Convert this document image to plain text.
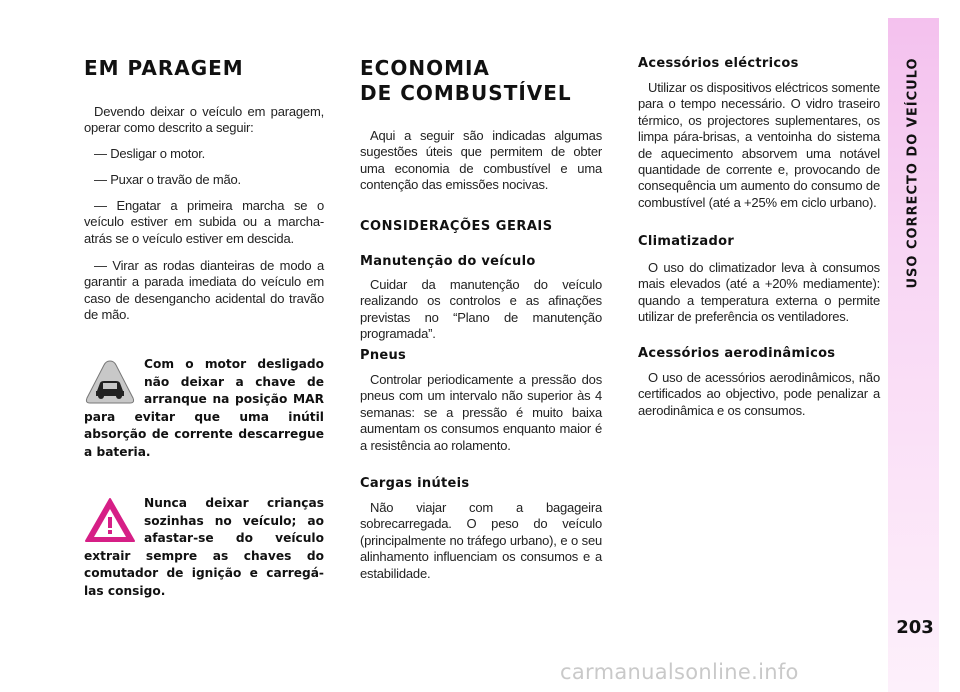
EM PARAGEM
Devendo deixar o veículo em paragem, operar como descrito a seguir:
— Desligar o motor.
— Puxar o travão de mão.
— Engatar a primeira marcha se o veículo estiver em subida ou a marcha-atrás se o veículo estiver em descida.
— Virar as rodas dianteiras de modo a garantir a parada imediata do veículo em caso de desengancho acidental do travão de mão.
Com o motor desligado não deixar a chave de arranque na posição MAR para evitar que uma inútil absorção de corrente descarregue a bateria.
Nunca deixar crianças sozinhas no veículo; ao afastar-se do veículo extrair sempre as chaves do comutador de ignição e carregá-las consigo.
ECONOMIA
DE COMBUSTÍVEL
Aqui a seguir são indicadas algumas sugestões úteis que permitem de obter uma economia de combustível e uma contenção das emissões nocivas.
CONSIDERAÇÕES GERAIS
Manutenção do veículo
Cuidar da manutenção do veículo realizando os controlos e as afinações previstas no “Plano de manutenção programada”.
Pneus
Controlar periodicamente a pressão dos pneus com um intervalo não superior às 4 semanas: se a pressão é muito baixa aumentam os consumos enquanto maior é a resistência ao rolamento.
Cargas inúteis
Não viajar com a bagageira sobrecarregada. O peso do veículo (principalmente no tráfego urbano), e o seu alinhamento influenciam os consumos e a estabilidade.
Acessórios eléctricos
Utilizar os dispositivos eléctricos somente para o tempo necessário. O vidro traseiro térmico, os projectores suplementares, os limpa pára-brisas, a ventoinha do sistema de aquecimento absorvem uma notável quantidade de corrente e, provocando de consequência um aumento do consumo de combustível (até a +25% em ciclo urbano).
Climatizador
O uso do climatizador leva à consumos mais elevados (até a +20% mediamente): quando a temperatura externa o permite utilizar de preferência os ventiladores.
Acessórios aerodinâmicos
O uso de acessórios aerodinâmicos, não certificados ao objectivo, pode penalizar a aerodinâmica e os consumos.
USO CORRECTO DO VEÍCULO
203
carmanualsonline.info
